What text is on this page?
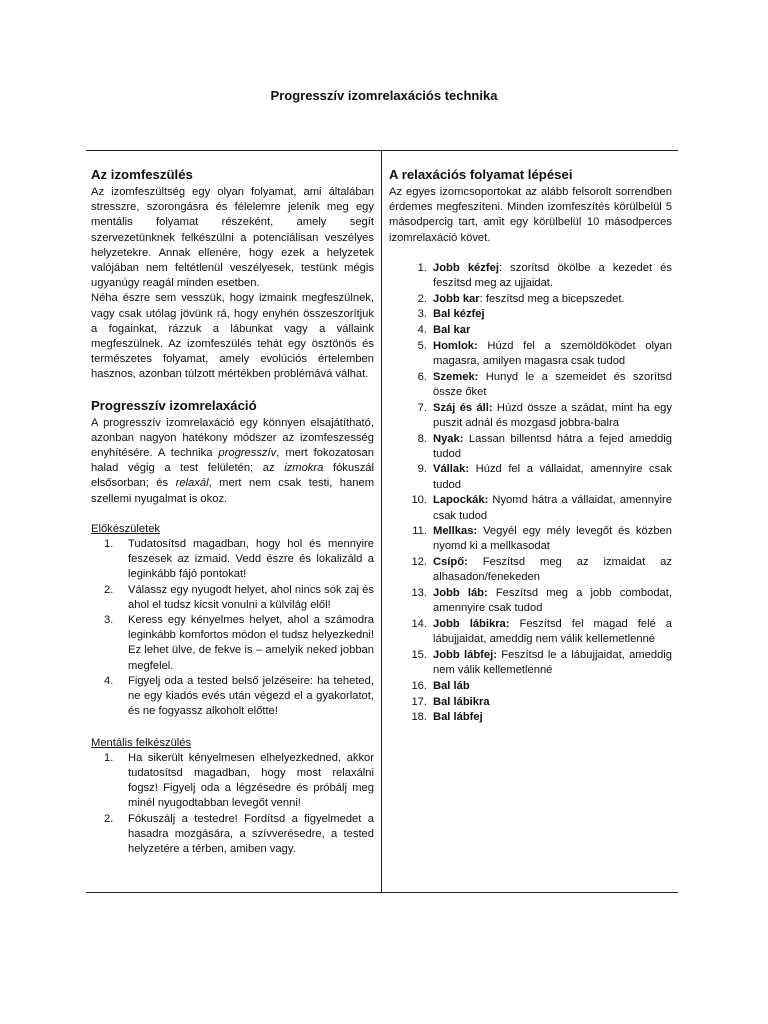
Progresszív izomrelaxációs technika
Az izomfeszülés

Az izomfeszültség egy olyan folyamat, ami általában stresszre, szorongásra és félelemre jelenik meg egy mentális folyamat részeként, amely segít szervezetünknek felkészülni a potenciálisan veszélyes helyzetekre. Annak ellenére, hogy ezek a helyzetek valójában nem feltétlenül veszélyesek, testünk mégis ugyanúgy reagál minden esetben.

Néha észre sem vesszük, hogy izmaink megfeszülnek, vagy csak utólag jövünk rá, hogy enyhén összeszorítjuk a fogainkat, rázzuk a lábunkat vagy a vállaink megfeszülnek. Az izomfeszülés tehát egy ösztönös és természetes folyamat, amely evolúciós értelemben hasznos, azonban túlzott mértékben problémává válhat.

Progresszív izomrelaxáció

A progresszív izomrelaxáció egy könnyen elsajátítható, azonban nagyon hatékony módszer az izomfeszesség enyhítésére. A technika progresszív, mert fokozatosan halad végig a test felületén; az izmokra fókuszál elsősorban; és relaxál, mert nem csak testi, hanem szellemi nyugalmat is okoz.

Előkészületek
1. Tudatosítsd magadban, hogy hol és mennyire feszesek az izmaid. Vedd észre és lokalizáld a leginkább fájó pontokat!
2. Válassz egy nyugodt helyet, ahol nincs sok zaj és ahol el tudsz kicsit vonulni a külvilág elől!
3. Keress egy kényelmes helyet, ahol a számodra leginkább komfortos módon el tudsz helyezkedni! Ez lehet ülve, de fekve is – amelyik neked jobban megfelel.
4. Figyelj oda a tested belső jelzéseire: ha teheted, ne egy kiadós evés után végezd el a gyakorlatot, és ne fogyassz alkoholt előtte!
Mentális felkészülés
1. Ha sikerült kényelmesen elhelyezkedned, akkor tudatosítsd magadban, hogy most relaxálni fogsz! Figyelj oda a légzésedre és próbálj meg minél nyugodtabban levegőt venni!
2. Fókuszálj a testedre! Fordítsd a figyelmedet a hasadra mozgására, a szívverésedre, a tested helyzetére a térben, amiben vagy.
A relaxációs folyamat lépései

Az egyes izomcsoportokat az alább felsorolt sorrendben érdemes megfeszíteni. Minden izomfeszítés körülbelül 5 másodpercig tart, amit egy körülbelül 10 másodperces izomrelaxáció követ.

1. Jobb kézfej: szorítsd ökölbe a kezedet és feszítsd meg az ujjaidat.
2. Jobb kar: feszítsd meg a bicepszedet.
3. Bal kézfej
4. Bal kar
5. Homlok: Húzd fel a szemöldöködet olyan magasra, amilyen magasra csak tudod
6. Szemek: Hunyd le a szemeidet és szorítsd össze őket
7. Száj és áll: Húzd össze a szádat, mint ha egy puszit adnál és mozgasd jobbra-balra
8. Nyak: Lassan billentsd hátra a fejed ameddig tudod
9. Vállak: Húzd fel a vállaidat, amennyire csak tudod
10. Lapockák: Nyomd hátra a vállaidat, amennyire csak tudod
11. Mellkas: Vegyél egy mély levegőt és közben nyomd ki a mellkasodat
12. Csípő: Feszítsd meg az izmaidat az alhasadon/fenekeden
13. Jobb láb: Feszítsd meg a jobb combodat, amennyire csak tudod
14. Jobb lábikra: Feszítsd fel magad felé a lábujjaidat, ameddig nem válik kellemetlenné
15. Jobb lábfej: Feszítsd le a lábujjaidat, ameddig nem válik kellemetlenné
16. Bal láb
17. Bal lábikra
18. Bal lábfej
